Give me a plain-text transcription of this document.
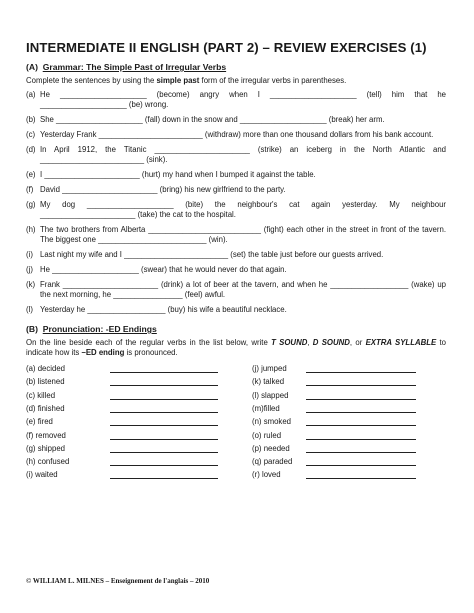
INTERMEDIATE II ENGLISH (PART 2) – REVIEW EXERCISES (1)
(A) Grammar: The Simple Past of Irregular Verbs
Complete the sentences by using the simple past form of the irregular verbs in parentheses.
(a) He ____________________ (become) angry when I ____________________ (tell) him that he ____________________ (be) wrong.
(b) She ____________________ (fall) down in the snow and ____________________ (break) her arm.
(c) Yesterday Frank ________________________ (withdraw) more than one thousand dollars from his bank account.
(d) In April 1912, the Titanic ______________________ (strike) an iceberg in the North Atlantic and ________________________ (sink).
(e) I ______________________ (hurt) my hand when I bumped it against the table.
(f) David ______________________ (bring) his new girlfriend to the party.
(g) My dog ____________________ (bite) the neighbour's cat again yesterday. My neighbour ______________________ (take) the cat to the hospital.
(h) The two brothers from Alberta __________________________ (fight) each other in the street in front of the tavern. The biggest one _________________________ (win).
(i) Last night my wife and I ________________________ (set) the table just before our guests arrived.
(j) He ____________________ (swear) that he would never do that again.
(k) Frank ______________________ (drink) a lot of beer at the tavern, and when he __________________ (wake) up the next morning, he ________________ (feel) awful.
(l) Yesterday he __________________ (buy) his wife a beautiful necklace.
(B) Pronunciation: -ED Endings
On the line beside each of the regular verbs in the list below, write T SOUND, D SOUND, or EXTRA SYLLABLE to indicate how its –ED ending is pronounced.
(a) decided
(b) listened
(c) killed
(d) finished
(e) fired
(f) removed
(g) shipped
(h) confused
(i) waited
(j) jumped
(k) talked
(l) slapped
(m)filled
(n) smoked
(o) ruled
(p) needed
(q) paraded
(r) loved
© WILLIAM L. MILNES – Enseignement de l'anglais – 2010
